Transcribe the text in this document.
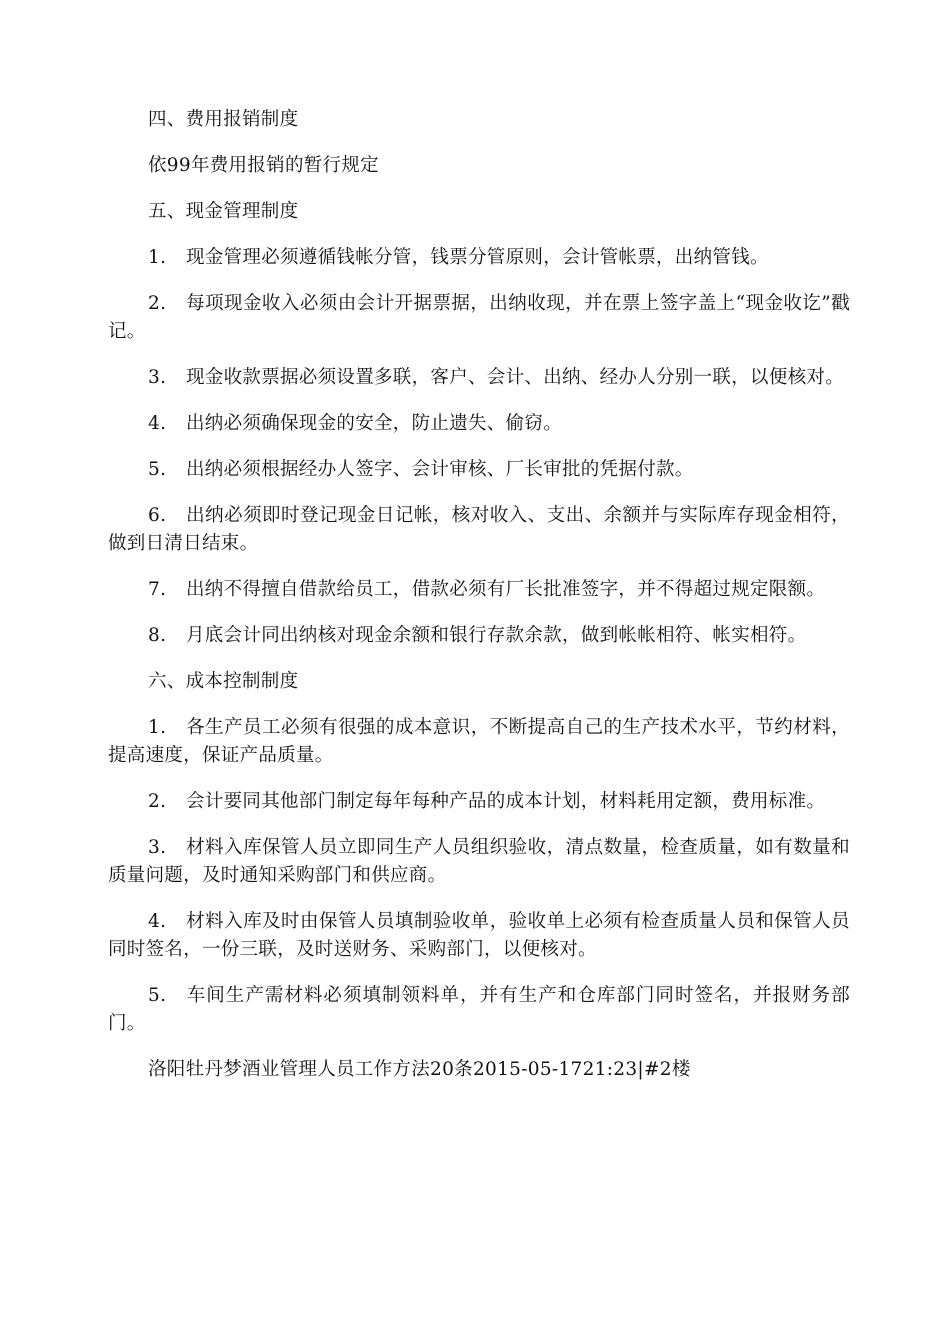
四、费用报销制度

依99年费用报销的暂行规定

五、现金管理制度

1. 现金管理必须遵循钱帐分管，钱票分管原则，会计管帐票，出纳管钱。

2. 每项现金收入必须由会计开据票据，出纳收现，并在票上签字盖上“现金收讫”戳记。

3. 现金收款票据必须设置多联，客户、会计、出纳、经办人分别一联，以便核对。

4. 出纳必须确保现金的安全，防止遗失、偷窃。

5. 出纳必须根据经办人签字、会计审核、厂长审批的凭据付款。

6. 出纳必须即时登记现金日记帐，核对收入、支出、余额并与实际库存现金相符，做到日清日结束。

7. 出纳不得擅自借款给员工，借款必须有厂长批准签字，并不得超过规定限额。

8. 月底会计同出纳核对现金余额和银行存款余款，做到帐帐相符、帐实相符。

六、成本控制制度

1. 各生产员工必须有很强的成本意识，不断提高自己的生产技术水平，节约材料，提高速度，保证产品质量。

2. 会计要同其他部门制定每年每种产品的成本计划，材料耗用定额，费用标准。

3. 材料入库保管人员立即同生产人员组织验收，清点数量，检查质量，如有数量和质量问题，及时通知采购部门和供应商。

4. 材料入库及时由保管人员填制验收单，验收单上必须有检查质量人员和保管人员同时签名，一份三联，及时送财务、采购部门，以便核对。

5. 车间生产需材料必须填制领料单，并有生产和仓库部门同时签名，并报财务部门。

洛阳牡丹梦酒业管理人员工作方法20条2015-05-1721:23|#2楼
